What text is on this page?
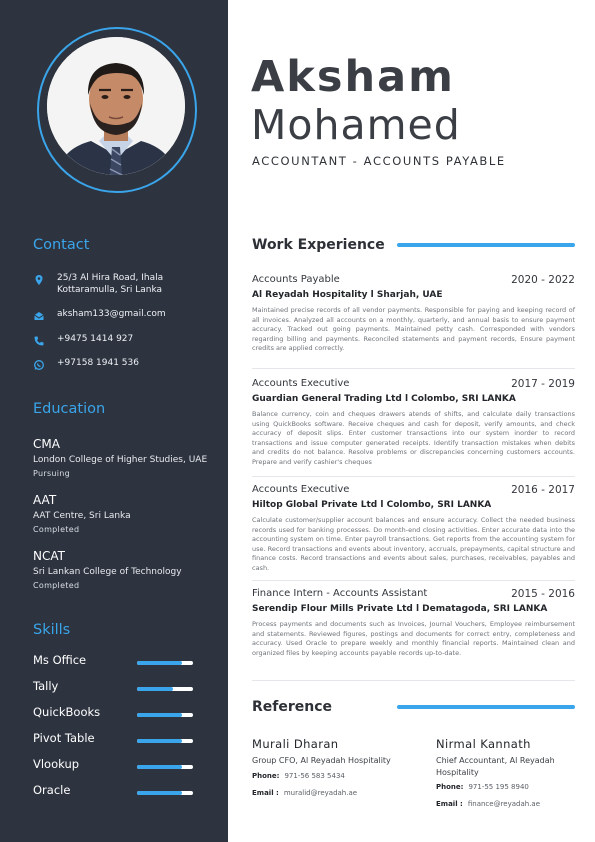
Contact
25/3 Al Hira Road, Ihala
Kottaramulla, Sri Lanka
aksham133@gmail.com
+9475 1414 927
+97158 1941 536
Education
CMA
London College of Higher Studies, UAE
Pursuing
AAT
AAT Centre, Sri Lanka
Completed
NCAT
Sri Lankan College of Technology
Completed
Skills
Ms Office
Tally
QuickBooks
Pivot Table
Vlookup
Oracle
Aksham
Mohamed
ACCOUNTANT - ACCOUNTS PAYABLE
Work Experience
Accounts Payable	2020 - 2022
Al Reyadah Hospitality l Sharjah, UAE
Maintained precise records of all vendor payments. Responsible for paying and keeping record of all invoices. Analyzed all accounts on a monthly, quarterly, and annual basis to ensure payment accuracy. Tracked out going payments. Maintained petty cash. Corresponded with vendors regarding billing and payments. Reconciled statements and payment records, Ensure payment credits are applied correctly.
Accounts Executive	2017 - 2019
Guardian General Trading Ltd l Colombo, SRI LANKA
Balance currency, coin and cheques drawers atends of shifts, and calculate daily transactions using QuickBooks software. Receive cheques and cash for deposit, verify amounts, and check accuracy of deposit slips. Enter customer transactions into our system inorder to record transactions and issue computer generated receipts. Identify transaction mistakes when debits and credits do not balance. Resolve problems or discrepancies concerning customers accounts. Prepare and verify cashier's cheques
Accounts Executive	2016 - 2017
Hiltop Global Private Ltd l Colombo, SRI LANKA
Calculate customer/supplier account balances and ensure accuracy. Collect the needed business records used for banking processes. Do month-end closing activities. Enter accurate data into the accounting system on time. Enter payroll transactions. Get reports from the accounting system for use. Record transactions and events about inventory, accruals, prepayments, capital structure and finance costs. Record transactions and events about sales, purchases, receivables, payables and cash.
Finance Intern - Accounts Assistant	2015 - 2016
Serendip Flour Mills Private Ltd l Dematagoda, SRI LANKA
Process payments and documents such as Invoices, Journal Vouchers, Employee reimbursement and statements. Reviewed figures, postings and documents for correct entry, completeness and accuracy. Used Oracle to prepare weekly and monthly financial reports. Maintained clean and organized files by keeping accounts payable records up-to-date.
Reference
Murali Dharan
Group CFO, Al Reyadah Hospitality
Phone: 971-56 583 5434
Email : muralid@reyadah.ae
Nirmal Kannath
Chief Accountant, Al Reyadah Hospitality
Phone: 971-55 195 8940
Email : finance@reyadah.ae
